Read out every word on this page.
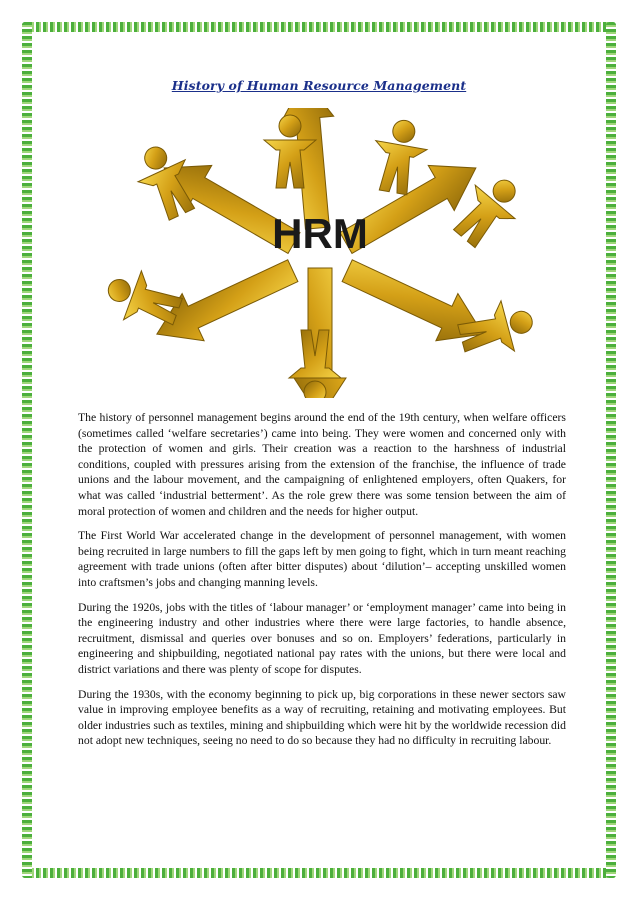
History of Human Resource Management
HRM

The history of personnel management begins around the end of the 19th century, when welfare officers (sometimes called ‘welfare secretaries’) came into being. They were women and concerned only with the protection of women and girls. Their creation was a reaction to the harshness of industrial conditions, coupled with pressures arising from the extension of the franchise, the influence of trade unions and the labour movement, and the campaigning of enlightened employers, often Quakers, for what was called ‘industrial betterment’. As the role grew there was some tension between the aim of moral protection of women and children and the needs for higher output.

The First World War accelerated change in the development of personnel management, with women being recruited in large numbers to fill the gaps left by men going to fight, which in turn meant reaching agreement with trade unions (often after bitter disputes) about ‘dilution’– accepting unskilled women into craftsmen’s jobs and changing manning levels.

During the 1920s, jobs with the titles of ‘labour manager’ or ‘employment manager’ came into being in the engineering industry and other industries where there were large factories, to handle absence, recruitment, dismissal and queries over bonuses and so on. Employers’ federations, particularly in engineering and shipbuilding, negotiated national pay rates with the unions, but there were local and district variations and there was plenty of scope for disputes.

During the 1930s, with the economy beginning to pick up, big corporations in these newer sectors saw value in improving employee benefits as a way of recruiting, retaining and motivating employees. But older industries such as textiles, mining and shipbuilding which were hit by the worldwide recession did not adopt new techniques, seeing no need to do so because they had no difficulty in recruiting labour.
